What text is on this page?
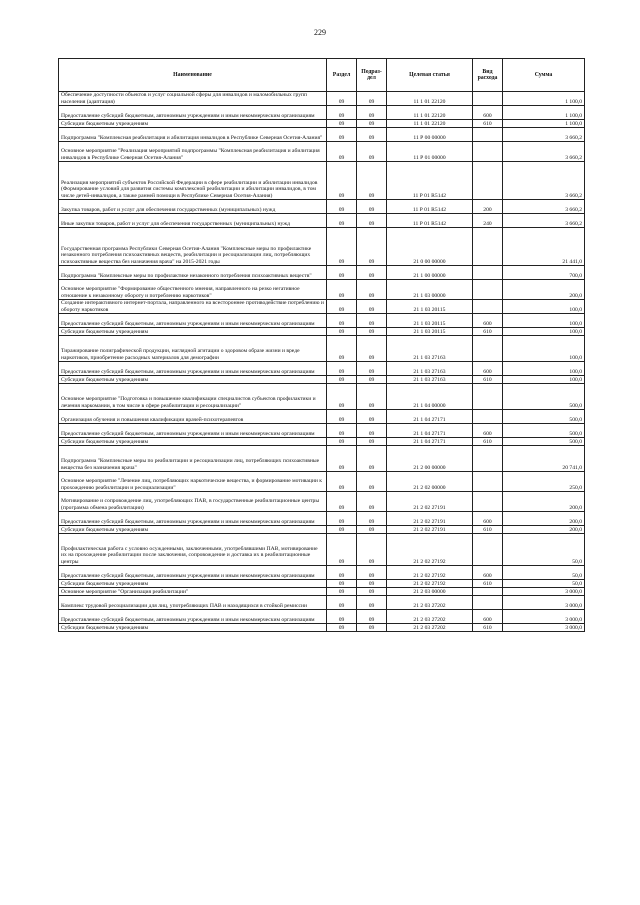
229
Наименование	Раздел	Подраз-дел	Целевая статья	Вид расхода	Сумма
Обеспечение доступности объектов и услуг социальной сферы для инвалидов и маломобильных групп населения (адаптация)	09	09	11 1 01 22120		1 100,0
Предоставление субсидий бюджетным, автономным учреждениям и иным некоммерческим организациям	09	09	11 1 01 22120	600	1 100,0
Субсидии бюджетным учреждениям	09	09	11 1 01 22120	610	1 100,0
Подпрограмма "Комплексная реабилитация и абилитация инвалидов в Республике Северная Осетия-Алания"	09	09	11 Р 00 00000		3 660,2
Основное мероприятие "Реализация мероприятий подпрограммы "Комплексная реабилитация и абилитация инвалидов в Республике Северная Осетия-Алания"	09	09	11 Р 01 00000		3 660,2
Реализация мероприятий субъектов Российской Федерации в сфере реабилитации и абилитации инвалидов (Формирование условий для развития системы комплексной реабилитации и абилитации инвалидов, в том числе детей-инвалидов, а также ранней помощи в Республике Северная Осетия-Алания)	09	09	11 Р 01 R5142		3 660,2
Закупка товаров, работ и услуг для обеспечения государственных (муниципальных) нужд	09	09	11 Р 01 R5142	200	3 660,2
Иные закупки товаров, работ и услуг для обеспечения государственных (муниципальных) нужд	09	09	11 Р 01 R5142	240	3 660,2
Государственная программа Республики Северная Осетия-Алания "Комплексные меры по профилактике незаконного потребления психоактивных веществ, реабилитации и ресоциализации лиц, потребляющих психоактивные вещества без назначения врача" на 2015-2021 годы	09	09	21 0 00 00000		21 441,0
Подпрограмма "Комплексные меры по профилактике незаконного потребления психоактивных веществ"	09	09	21 1 00 00000		700,0
Основное мероприятие "Формирование общественного мнения, направленного на резко негативное отношение к незаконному обороту и потреблению наркотиков"	09	09	21 1 03 00000		200,0
Создание интерактивного интернет-портала, направленного на всестороннее противодействие потреблению и обороту наркотиков	09	09	21 1 03 20115		100,0
Предоставление субсидий бюджетным, автономным учреждениям и иным некоммерческим организациям	09	09	21 1 03 20115	600	100,0
Субсидии бюджетным учреждениям	09	09	21 1 03 20115	610	100,0
Тиражирование полиграфической продукции, наглядной агитации о здоровом образе жизни и вреде наркотиков, приобретение расходных материалов для демографии	09	09	21 1 03 27163		100,0
Предоставление субсидий бюджетным, автономным учреждениям и иным некоммерческим организациям	09	09	21 1 03 27163	600	100,0
Субсидии бюджетным учреждениям	09	09	21 1 03 27163	610	100,0
Основное мероприятие "Подготовка и повышение квалификации специалистов субъектов профилактики и лечения наркомании, в том числе в сфере реабилитации и ресоциализации"	09	09	21 1 04 00000		500,0
Организация обучения и повышения квалификации врачей-психотерапевтов	09	09	21 1 04 27171		500,0
Предоставление субсидий бюджетным, автономным учреждениям и иным некоммерческим организациям	09	09	21 1 04 27171	600	500,0
Субсидии бюджетным учреждениям	09	09	21 1 04 27171	610	500,0
Подпрограмма "Комплексные меры по реабилитации и ресоциализации лиц, потребляющих психоактивные вещества без назначения врача"	09	09	21 2 00 00000		20 741,0
Основное мероприятие "Лечение лиц, потребляющих наркотические вещества, и формирование мотивации к прохождению реабилитации и ресоциализации"	09	09	21 2 02 00000		250,0
Мотивирование и сопровождение лиц, употребляющих ПАВ, в государственные реабилитационные центры (программа обмена реабилитации)	09	09	21 2 02 27191		200,0
Предоставление субсидий бюджетным, автономным учреждениям и иным некоммерческим организациям	09	09	21 2 02 27191	600	200,0
Субсидии бюджетным учреждениям	09	09	21 2 02 27191	610	200,0
Профилактическая работа с условно осужденными, заключенными, употреблявшими ПАВ, мотивирование их на прохождение реабилитации после заключения, сопровождение и доставка их в реабилитационные центры	09	09	21 2 02 27192		50,0
Предоставление субсидий бюджетным, автономным учреждениям и иным некоммерческим организациям	09	09	21 2 02 27192	600	50,0
Субсидии бюджетным учреждениям	09	09	21 2 02 27192	610	50,0
Основное мероприятие "Организация реабилитации"	09	09	21 2 03 00000		3 000,0
Комплекс трудовой ресоциализации для лиц, употребляющих ПАВ и находящихся в стойкой ремиссии	09	09	21 2 03 27202		3 000,0
Предоставление субсидий бюджетным, автономным учреждениям и иным некоммерческим организациям	09	09	21 2 03 27202	600	3 000,0
Субсидии бюджетным учреждениям	09	09	21 2 03 27202	610	3 000,0
